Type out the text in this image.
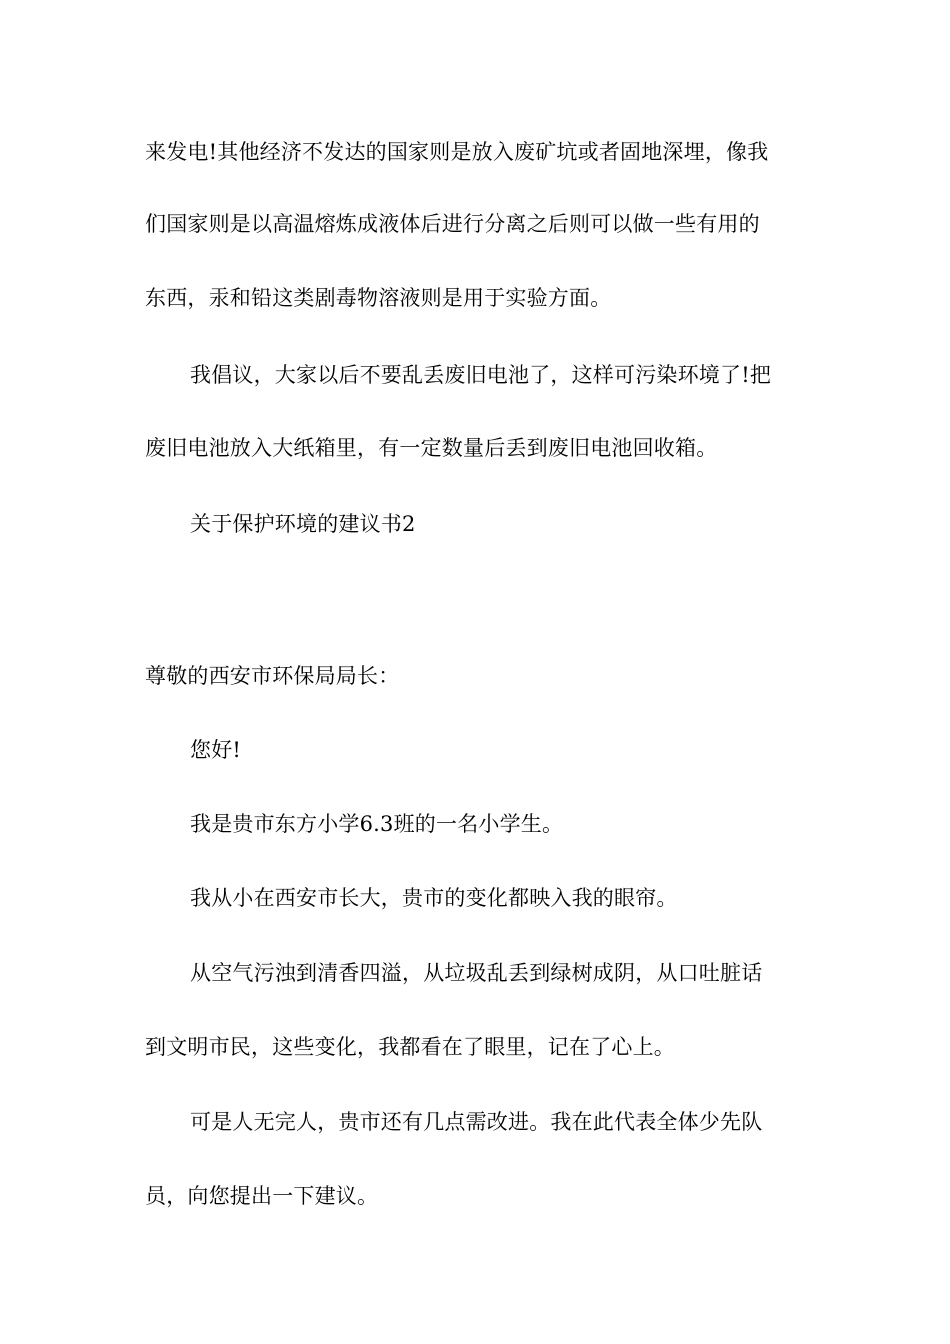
来发电!其他经济不发达的国家则是放入废矿坑或者固地深埋，像我
们国家则是以高温熔炼成液体后进行分离之后则可以做一些有用的
东西，汞和铅这类剧毒物溶液则是用于实验方面。
我倡议，大家以后不要乱丢废旧电池了，这样可污染环境了!把
废旧电池放入大纸箱里，有一定数量后丢到废旧电池回收箱。
关于保护环境的建议书2
尊敬的西安市环保局局长：
您好!
我是贵市东方小学6.3班的一名小学生。
我从小在西安市长大，贵市的变化都映入我的眼帘。
从空气污浊到清香四溢，从垃圾乱丢到绿树成阴，从口吐脏话
到文明市民，这些变化，我都看在了眼里，记在了心上。
可是人无完人，贵市还有几点需改进。我在此代表全体少先队
员，向您提出一下建议。
